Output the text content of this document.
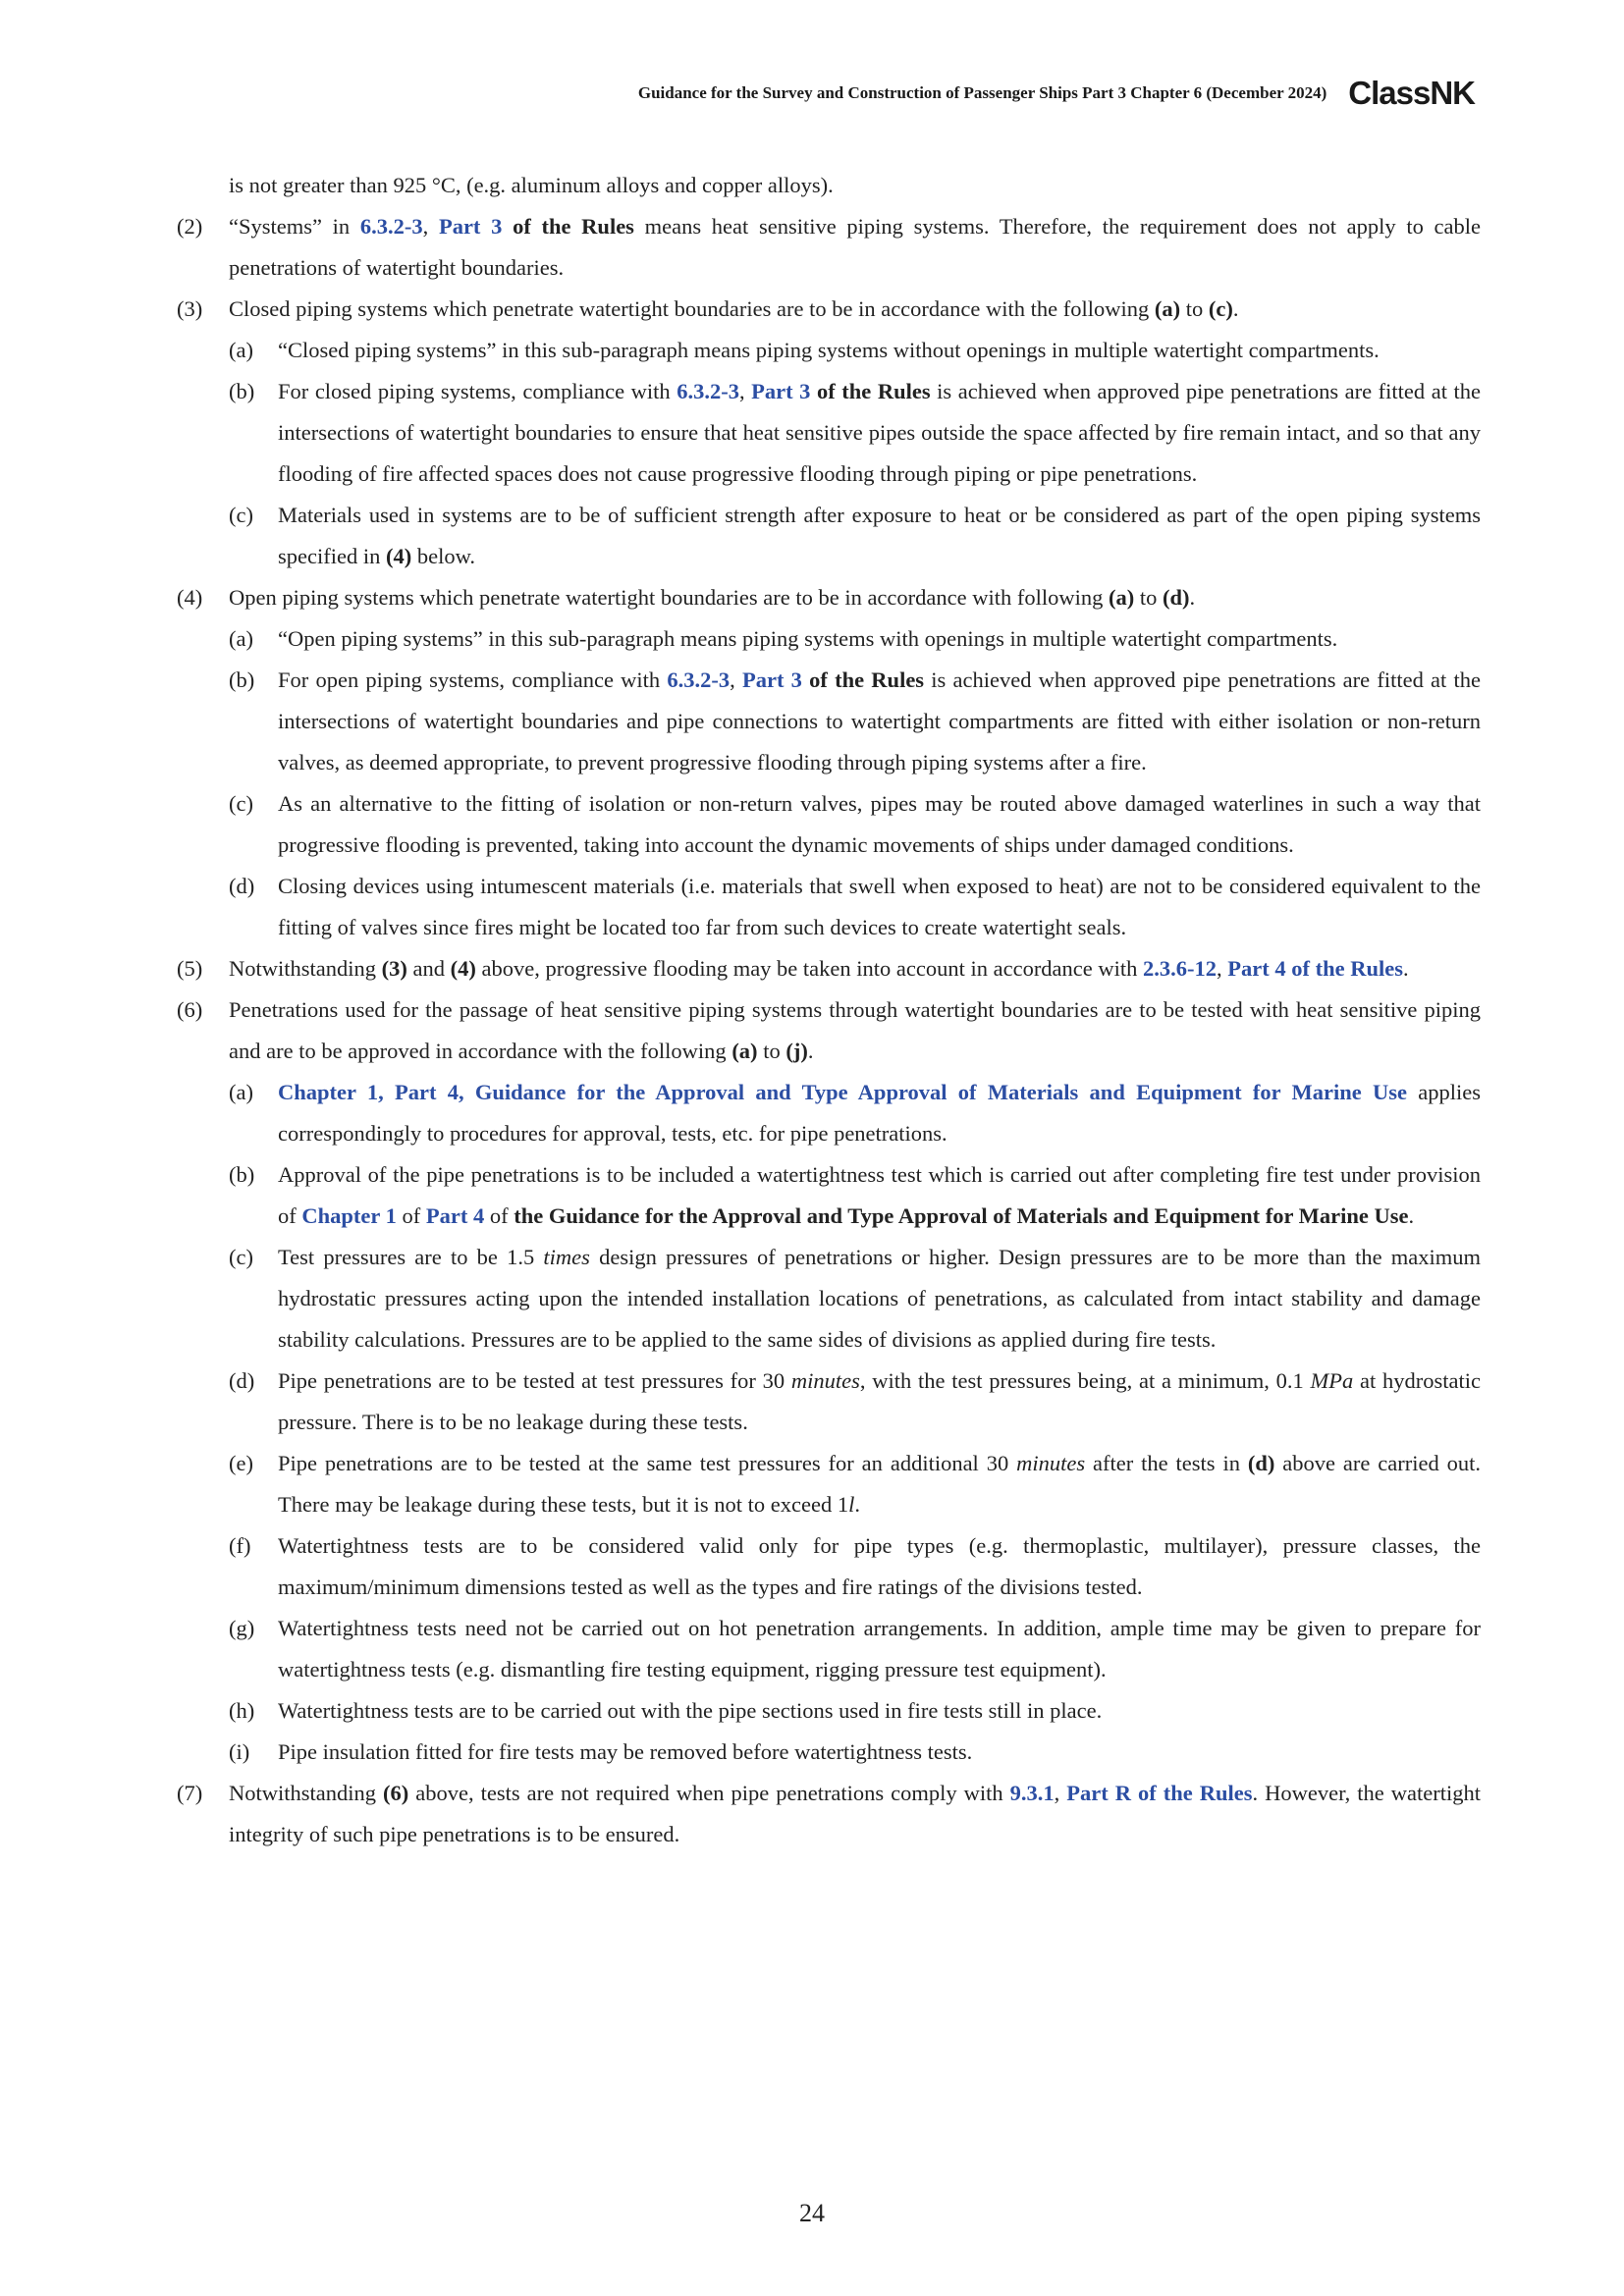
Guidance for the Survey and Construction of Passenger Ships Part 3 Chapter 6 (December 2024) ClassNK
is not greater than 925 °C, (e.g. aluminum alloys and copper alloys).
(2)	“Systems” in 6.3.2-3, Part 3 of the Rules means heat sensitive piping systems. Therefore, the requirement does not apply to cable penetrations of watertight boundaries.
(3)	Closed piping systems which penetrate watertight boundaries are to be in accordance with the following (a) to (c).
(a)	“Closed piping systems” in this sub-paragraph means piping systems without openings in multiple watertight compartments.
(b)	For closed piping systems, compliance with 6.3.2-3, Part 3 of the Rules is achieved when approved pipe penetrations are fitted at the intersections of watertight boundaries to ensure that heat sensitive pipes outside the space affected by fire remain intact, and so that any flooding of fire affected spaces does not cause progressive flooding through piping or pipe penetrations.
(c)	Materials used in systems are to be of sufficient strength after exposure to heat or be considered as part of the open piping systems specified in (4) below.
(4)	Open piping systems which penetrate watertight boundaries are to be in accordance with following (a) to (d).
(a)	“Open piping systems” in this sub-paragraph means piping systems with openings in multiple watertight compartments.
(b)	For open piping systems, compliance with 6.3.2-3, Part 3 of the Rules is achieved when approved pipe penetrations are fitted at the intersections of watertight boundaries and pipe connections to watertight compartments are fitted with either isolation or non-return valves, as deemed appropriate, to prevent progressive flooding through piping systems after a fire.
(c)	As an alternative to the fitting of isolation or non-return valves, pipes may be routed above damaged waterlines in such a way that progressive flooding is prevented, taking into account the dynamic movements of ships under damaged conditions.
(d)	Closing devices using intumescent materials (i.e. materials that swell when exposed to heat) are not to be considered equivalent to the fitting of valves since fires might be located too far from such devices to create watertight seals.
(5)	Notwithstanding (3) and (4) above, progressive flooding may be taken into account in accordance with 2.3.6-12, Part 4 of the Rules.
(6)	Penetrations used for the passage of heat sensitive piping systems through watertight boundaries are to be tested with heat sensitive piping and are to be approved in accordance with the following (a) to (j).
(a)	Chapter 1, Part 4, Guidance for the Approval and Type Approval of Materials and Equipment for Marine Use applies correspondingly to procedures for approval, tests, etc. for pipe penetrations.
(b)	Approval of the pipe penetrations is to be included a watertightness test which is carried out after completing fire test under provision of Chapter 1 of Part 4 of the Guidance for the Approval and Type Approval of Materials and Equipment for Marine Use.
(c)	Test pressures are to be 1.5 times design pressures of penetrations or higher. Design pressures are to be more than the maximum hydrostatic pressures acting upon the intended installation locations of penetrations, as calculated from intact stability and damage stability calculations. Pressures are to be applied to the same sides of divisions as applied during fire tests.
(d)	Pipe penetrations are to be tested at test pressures for 30 minutes, with the test pressures being, at a minimum, 0.1 MPa at hydrostatic pressure. There is to be no leakage during these tests.
(e)	Pipe penetrations are to be tested at the same test pressures for an additional 30 minutes after the tests in (d) above are carried out. There may be leakage during these tests, but it is not to exceed 1l.
(f)	Watertightness tests are to be considered valid only for pipe types (e.g. thermoplastic, multilayer), pressure classes, the maximum/minimum dimensions tested as well as the types and fire ratings of the divisions tested.
(g)	Watertightness tests need not be carried out on hot penetration arrangements. In addition, ample time may be given to prepare for watertightness tests (e.g. dismantling fire testing equipment, rigging pressure test equipment).
(h)	Watertightness tests are to be carried out with the pipe sections used in fire tests still in place.
(i)	Pipe insulation fitted for fire tests may be removed before watertightness tests.
(7)	Notwithstanding (6) above, tests are not required when pipe penetrations comply with 9.3.1, Part R of the Rules. However, the watertight integrity of such pipe penetrations is to be ensured.
24
